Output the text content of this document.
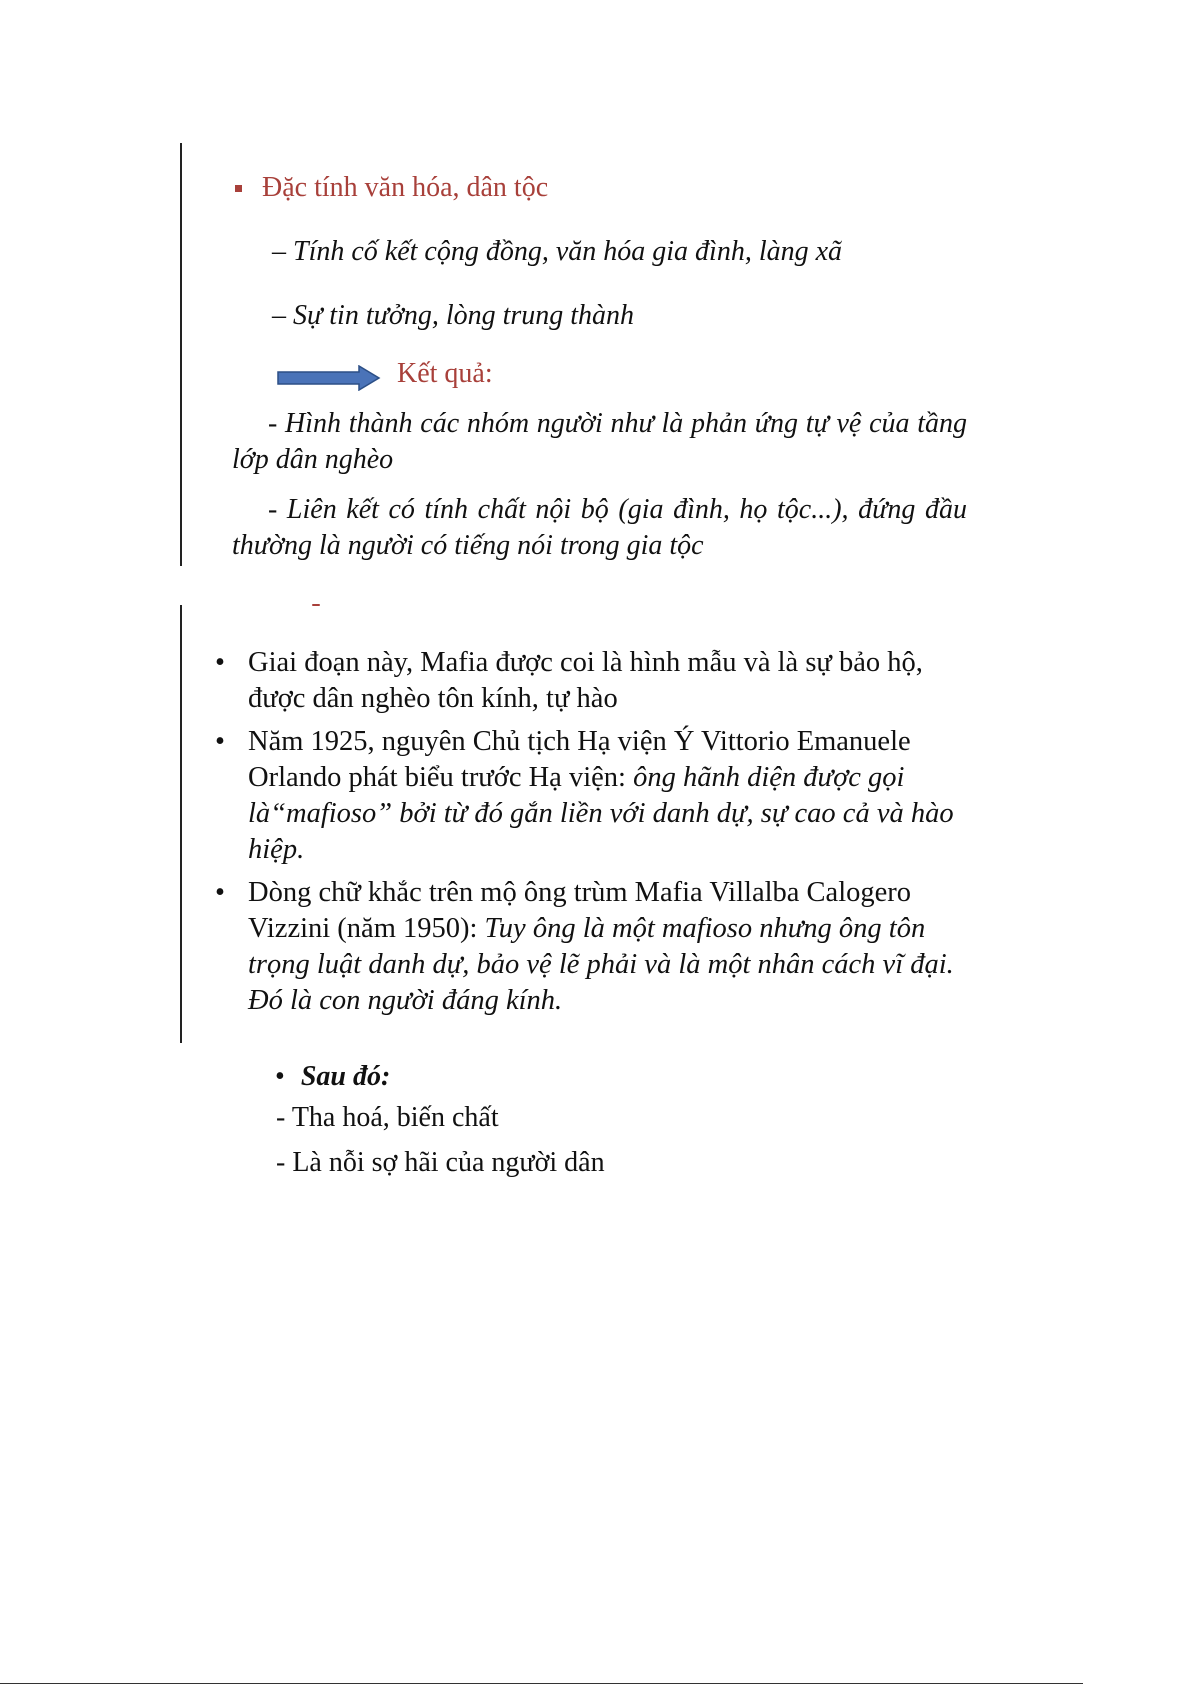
Đặc tính văn hóa, dân tộc
– Tính cố kết cộng đồng, văn hóa gia đình, làng xã
– Sự tin tưởng, lòng trung thành
Kết quả:
- Hình thành các nhóm người như là phản ứng tự vệ của tầng lớp dân nghèo
- Liên kết có tính chất nội bộ (gia đình, họ tộc...), đứng đầu thường là người có tiếng nói trong gia tộc
• Giai đoạn này, Mafia được coi là hình mẫu và là sự bảo hộ, được dân nghèo tôn kính, tự hào
• Năm 1925, nguyên Chủ tịch Hạ viện Ý Vittorio Emanuele Orlando phát biểu trước Hạ viện: ông hãnh diện được gọi là“mafioso” bởi từ đó gắn liền với danh dự, sự cao cả và hào hiệp.
• Dòng chữ khắc trên mộ ông trùm Mafia Villalba Calogero Vizzini (năm 1950): Tuy ông là một mafioso nhưng ông tôn trọng luật danh dự, bảo vệ lẽ phải và là một nhân cách vĩ đại. Đó là con người đáng kính.
• Sau đó:
- Tha hoá, biến chất
- Là nỗi sợ hãi của người dân
